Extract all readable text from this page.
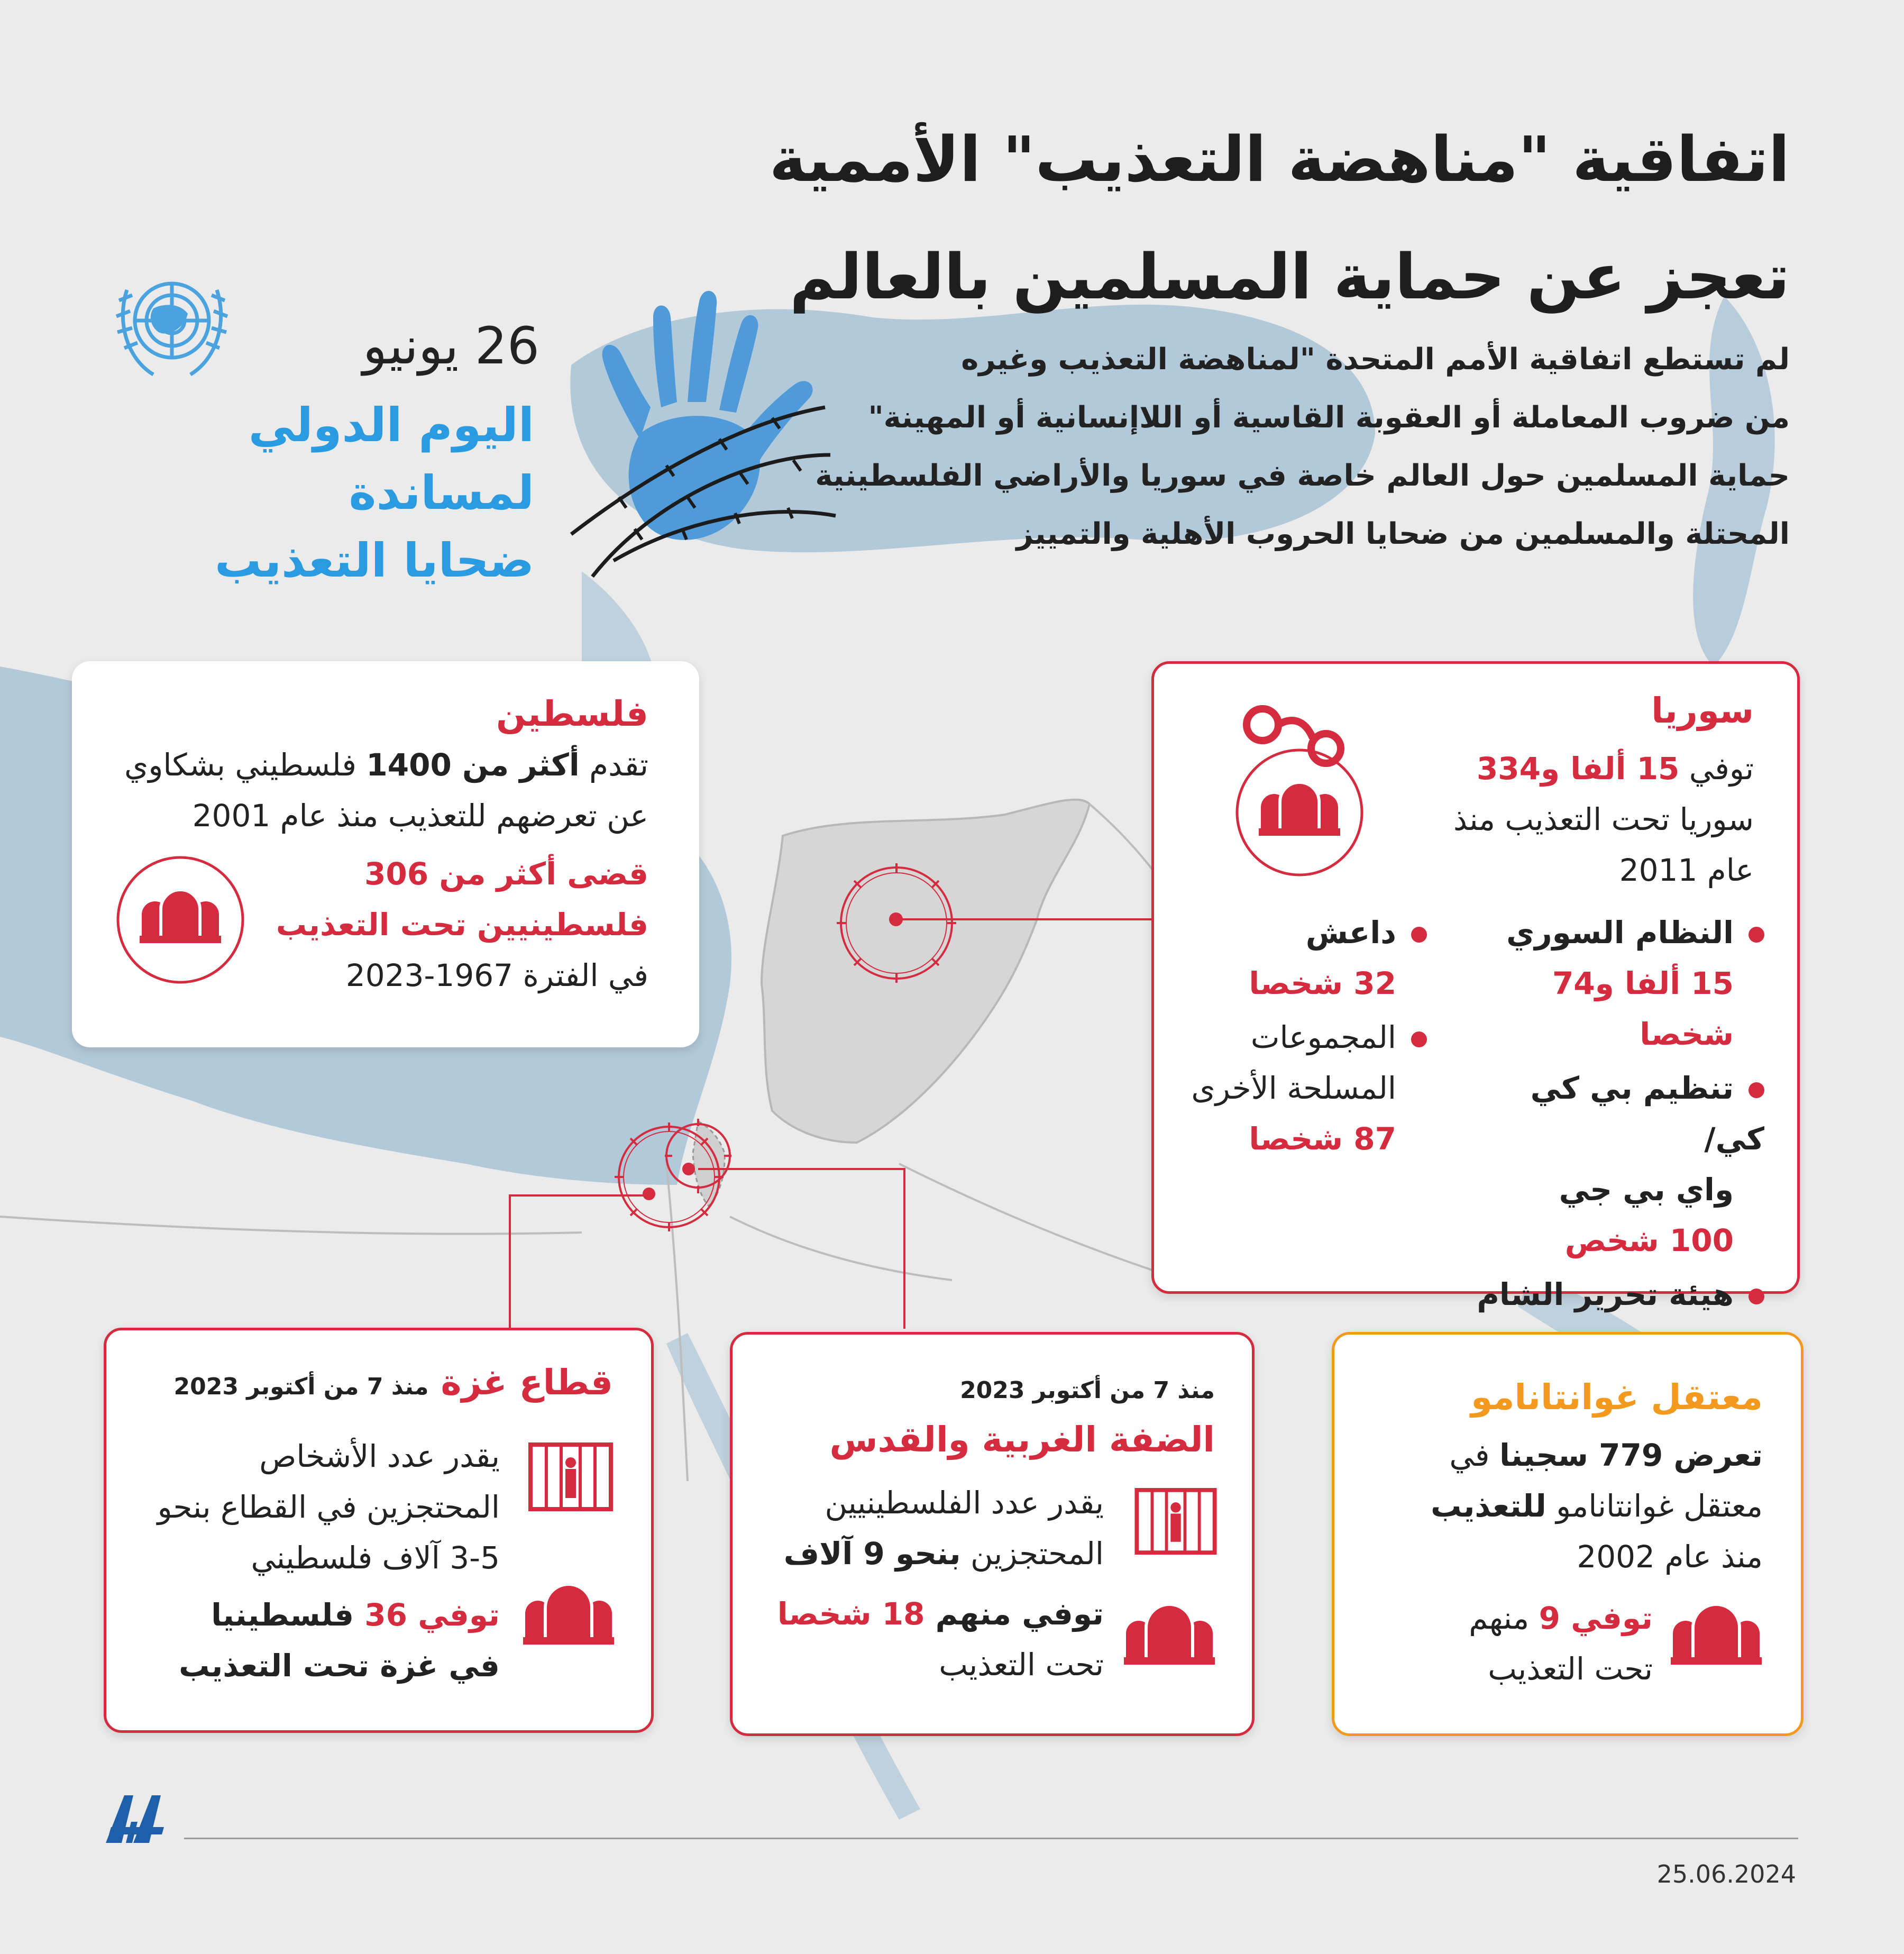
26 يونيو
اليوم الدولي لمساندة
ضحايا التعذيب
اتفاقية "مناهضة التعذيب" الأممية
تعجز عن حماية المسلمين بالعالم
لم تستطع اتفاقية الأمم المتحدة "لمناهضة التعذيب وغيره
من ضروب المعاملة أو العقوبة القاسية أو اللاإنسانية أو المهينة"
حماية المسلمين حول العالم خاصة في سوريا والأراضي الفلسطينية
المحتلة والمسلمين من ضحايا الحروب الأهلية والتمييز
فلسطين
تقدم أكثر من 1400 فلسطيني بشكاوي
عن تعرضهم للتعذيب منذ عام 2001
قضى أكثر من 306
فلسطينيين تحت التعذيب
في الفترة 1967-2023
سوريا
توفي 15 ألفا و334
سوريا تحت التعذيب منذ
عام 2011
النظام السوري
15 ألفا و74 شخصا
تنظيم بي كي كي/
واي بي جي
100 شخص
هيئة تحرير الشام
داعش
32 شخصا
المجموعات
المسلحة الأخرى
87 شخصا
قطاع غزة منذ 7 من أكتوبر 2023
يقدر عدد الأشخاص
المحتجزين في القطاع بنحو
3-5 آلاف فلسطيني
توفي 36 فلسطينيا
في غزة تحت التعذيب
منذ 7 من أكتوبر 2023
الضفة الغربية والقدس
يقدر عدد الفلسطينيين
المحتجزين بنحو 9 آلاف
توفي منهم 18 شخصا
تحت التعذيب
معتقل غوانتانامو
تعرض 779 سجينا في
معتقل غوانتانامو للتعذيب
منذ عام 2002
توفي 9 منهم
تحت التعذيب
AA
25.06.2024
